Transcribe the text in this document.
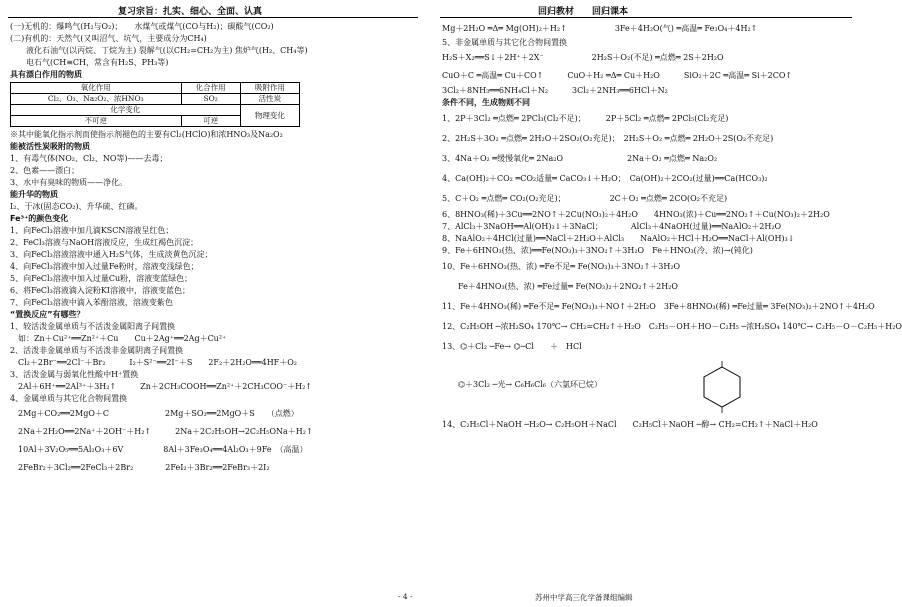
复习宗旨：扎实、细心、全面、认真	回归教材　　回归课本
(一)无机的：爆鸣气(H₂与O₂)；　　水煤气或煤气(CO与H₂)；碳酸气(CO₂)
(二)有机的：天然气(又叫沼气、坑气，主要成分为CH₄)
　　液化石油气(以丙烷、丁烷为主) 裂解气(以CH₂=CH₂为主) 焦炉气(H₂、CH₄等)
　　电石气(CH≡CH，常含有H₂S、PH₃等)
具有漂白作用的物质
氧化作用	化合作用	吸附作用
Cl₂、O₃、Na₂O₂、浓HNO₃	SO₂	活性炭
化学变化		物理变化
不可逆	可逆	
※其中能氧化指示剂而使指示剂褪色的主要有Cl₂(HClO)和浓HNO₃及Na₂O₂
能被活性炭吸附的物质
1、有毒气体(NO₂、Cl₂、NO等)——去毒；
2、色素——漂白；
3、水中有臭味的物质——净化。
能升华的物质
I₂、干冰(固态CO₂)、升华硫、红磷。
Fe³⁺的颜色变化
1、向FeCl₃溶液中加几滴KSCN溶液呈红色；
2、FeCl₃溶液与NaOH溶液反应，生成红褐色沉淀；
3、向FeCl₃溶液溶液中通入H₂S气体，生成淡黄色沉淀；
4、向FeCl₃溶液中加入过量Fe粉时，溶液变浅绿色；
5、向FeCl₃溶液中加入过量Cu粉，溶液变蓝绿色；
6、将FeCl₃溶液滴入淀粉KI溶液中，溶液变蓝色；
7、向FeCl₃溶液中滴入苯酚溶液，溶液变紫色
“置换反应”有哪些？
1、较活泼金属单质与不活泼金属阳离子间置换
　如：Zn＋Cu²⁺══Zn²⁺＋Cu　　Cu＋2Ag⁺══2Ag＋Cu²⁺
2、活泼非金属单质与不活泼非金属阴离子间置换
　Cl₂＋2Br⁻══2Cl⁻＋Br₂　　　I₂＋S²⁻══2I⁻＋S　　2F₂＋2H₂O══4HF＋O₂
3、活泼金属与弱氧化性酸中H⁺置换
　2Al＋6H⁺══2Al³⁺＋3H₂↑　　　Zn＋2CH₃COOH══Zn²⁺＋2CH₃COO⁻＋H₂↑
4、金属单质与其它化合物间置换
　2Mg＋CO₂══2MgO＋C　　　　　　　2Mg＋SO₂══2MgO＋S　　（点燃）
　2Na＋2H₂O══2Na⁺＋2OH⁻＋H₂↑　　　2Na＋2C₂H₅OH→2C₂H₅ONa＋H₂↑
　10Al＋3V₂O₅══5Al₂O₃＋6V　　　　　8Al＋3Fe₃O₄══4Al₂O₃＋9Fe　（高温）
　2FeBr₂＋3Cl₂══2FeCl₃＋2Br₂　　　　2FeI₂＋3Br₂══2FeBr₃＋2I₂
Mg＋2H₂O ═Δ═ Mg(OH)₂＋H₂↑　　　　　　3Fe＋4H₂O(气) ═高温═ Fe₃O₄＋4H₂↑
5、非金属单质与其它化合物间置换
H₂S＋X₂══S↓＋2H⁺＋2X⁻　　　　　　2H₂S＋O₂(不足) ═点燃═ 2S＋2H₂O
CuO＋C ═高温═ Cu＋CO↑　　　CuO＋H₂ ═Δ═ Cu＋H₂O　　　SiO₂＋2C ═高温═ Si＋2CO↑
3Cl₂＋8NH₃══6NH₄Cl＋N₂　　　3Cl₂＋2NH₃══6HCl＋N₂
条件不同，生成物则不同
1、2P＋3Cl₂ ═点燃═ 2PCl₃(Cl₂不足)；　　　2P＋5Cl₂ ═点燃═ 2PCl₅(Cl₂充足)
2、2H₂S＋3O₂ ═点燃═ 2H₂O＋2SO₂(O₂充足)；　2H₂S＋O₂ ═点燃═ 2H₂O＋2S(O₂不充足)
3、4Na＋O₂ ═缓慢氧化═ 2Na₂O　　　　　　　　2Na＋O₂ ═点燃═ Na₂O₂
4、Ca(OH)₂＋CO₂ ═CO₂适量═ CaCO₃↓＋H₂O；　Ca(OH)₂＋2CO₂(过量)══Ca(HCO₃)₂
5、C＋O₂ ═点燃═ CO₂(O₂充足)；　　　　　　2C＋O₂ ═点燃═ 2CO(O₂不充足)
6、8HNO₃(稀)＋3Cu══2NO↑＋2Cu(NO₃)₂＋4H₂O　　4HNO₃(浓)＋Cu══2NO₂↑＋Cu(NO₃)₂＋2H₂O
7、AlCl₃＋3NaOH══Al(OH)₃↓＋3NaCl；　　　　AlCl₃＋4NaOH(过量)══NaAlO₂＋2H₂O
8、NaAlO₂＋4HCl(过量)══NaCl＋2H₂O＋AlCl₃　　NaAlO₂＋HCl＋H₂O══NaCl＋Al(OH)₃↓
9、Fe＋6HNO₃(热、浓)══Fe(NO₃)₃＋3NO₂↑＋3H₂O　Fe＋HNO₃(冷、浓)→(钝化)
10、Fe＋6HNO₃(热、浓) ═Fe不足═ Fe(NO₃)₃＋3NO₂↑＋3H₂O
　　Fe＋4HNO₃(热、浓) ═Fe过量═ Fe(NO₃)₂＋2NO₂↑＋2H₂O
11、Fe＋4HNO₃(稀) ═Fe不足═ Fe(NO₃)₃＋NO↑＋2H₂O　3Fe＋8HNO₃(稀) ═Fe过量═ 3Fe(NO₃)₂＋2NO↑＋4H₂O
12、C₂H₅OH ─浓H₂SO₄ 170℃→ CH₂=CH₂↑＋H₂O　C₂H₅－OH＋HO－C₂H₅ ─浓H₂SO₄ 140℃→ C₂H₅－O－C₂H₅＋H₂O
13、⌬＋Cl₂ ─Fe→ ⌬─Cl　　＋　HCl
　　⌬＋3Cl₂ ─光→ C₆H₆Cl₆（六氯环已烷）
14、C₂H₅Cl＋NaOH ─H₂O→ C₂H₅OH＋NaCl　　C₂H₅Cl＋NaOH ─醇→ CH₂=CH₂↑＋NaCl＋H₂O
- 4 -	苏州中学高三化学备课组编辑
